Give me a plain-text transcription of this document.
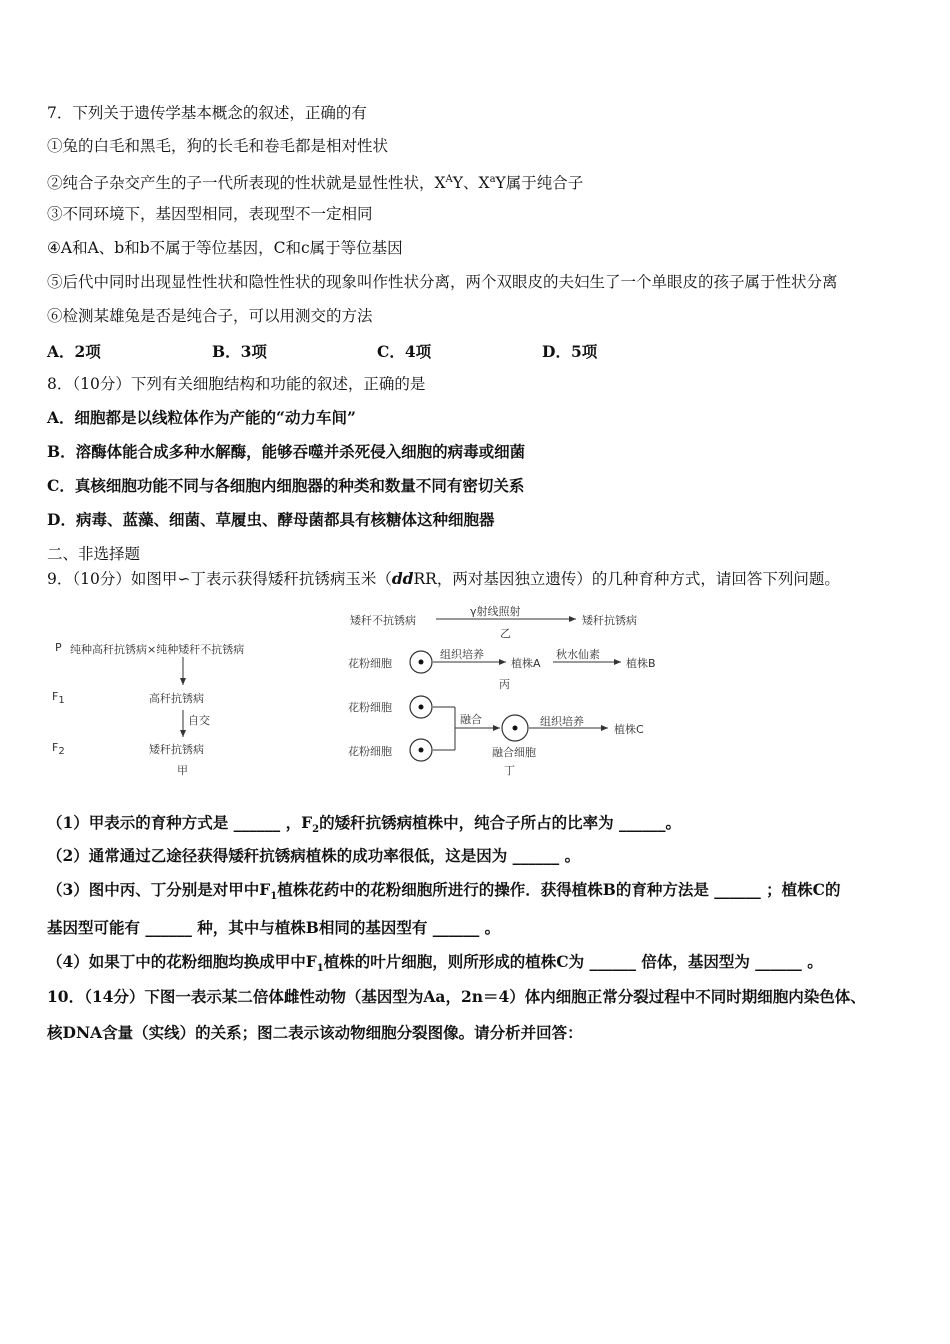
7．下列关于遗传学基本概念的叙述，正确的有
①兔的白毛和黑毛，狗的长毛和卷毛都是相对性状
②纯合子杂交产生的子一代所表现的性状就是显性性状，$X^AY$、$X^aY$属于纯合子
③不同环境下，基因型相同，表现型不一定相同
④A和A、b和b不属于等位基因，C和c属于等位基因
⑤后代中同时出现显性性状和隐性性状的现象叫作性状分离，两个双眼皮的夫妇生了一个单眼皮的孩子属于性状分离
⑥检测某雄兔是否是纯合子，可以用测交的方法
A．2项	B．3项	C．4项	D．5项
8．（10分）下列有关细胞结构和功能的叙述，正确的是
A．细胞都是以线粒体作为产能的“动力车间”
B．溶酶体能合成多种水解酶，能够吞噬并杀死侵入细胞的病毒或细菌
C．真核细胞功能不同与各细胞内细胞器的种类和数量不同有密切关系
D．病毒、蓝藻、细菌、草履虫、酵母菌都具有核糖体这种细胞器
二、非选择题
9．（10分）如图甲∽丁表示获得矮秆抗锈病玉米（ddRR，两对基因独立遗传）的几种育种方式，请回答下列问题。
P 纯种高秆抗锈病×纯种矮秆不抗锈病
$F_1$	高秆抗锈病
自交
$F_2$	矮秆抗锈病
甲
矮秆不抗锈病
γ射线照射
矮秆抗锈病
乙
花粉细胞
组织培养
植株A
秋水仙素
植株B
丙
花粉细胞
花粉细胞
融合	组织培养
植株C
融合细胞
丁
（1）甲表示的育种方式是 ______ ，$F_2$的矮秆抗锈病植株中，纯合子所占的比率为 ______。
（2）通常通过乙途径获得矮秆抗锈病植株的成功率很低，这是因为 ______ 。
（3）图中丙、丁分别是对甲中$F_1$植株花药中的花粉细胞所进行的操作．获得植株B的育种方法是 ______ ；植株C的
基因型可能有 ______ 种，其中与植株B相同的基因型有 ______ 。
（4）如果丁中的花粉细胞均换成甲中$F_1$植株的叶片细胞，则所形成的植株C为 ______ 倍体，基因型为 ______ 。
10．（14分）下图一表示某二倍体雌性动物（基因型为Aa，2n＝4）体内细胞正常分裂过程中不同时期细胞内染色体、
核DNA含量（实线）的关系；图二表示该动物细胞分裂图像。请分析并回答：
